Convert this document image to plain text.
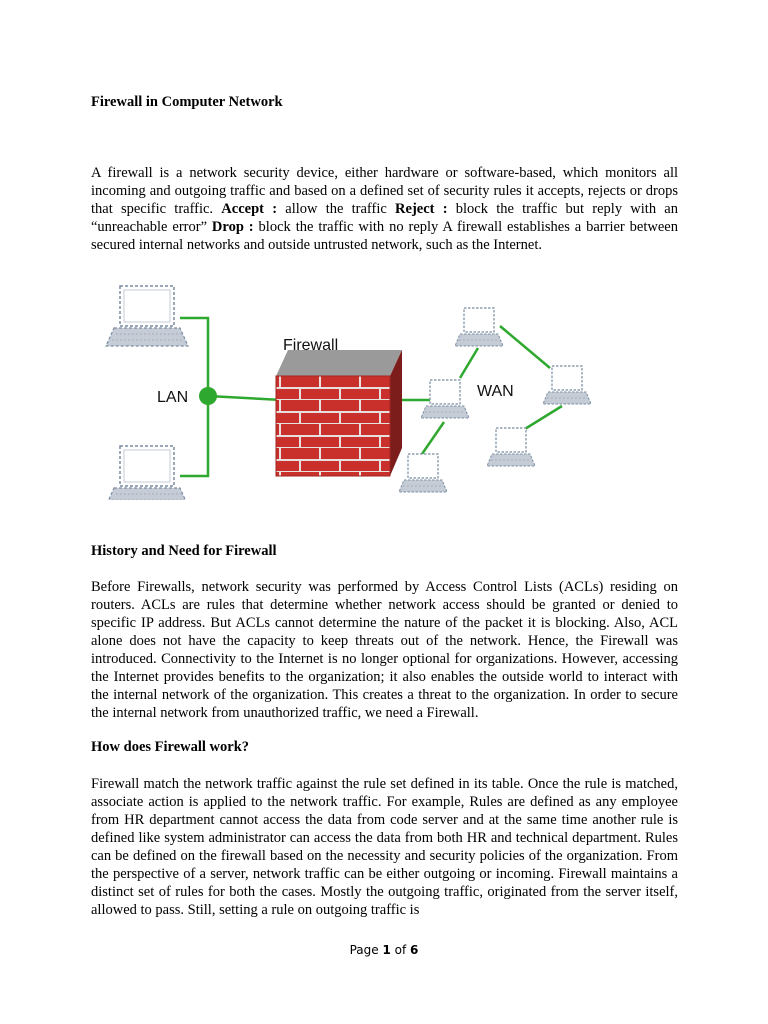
Firewall in Computer Network

A firewall is a network security device, either hardware or software-based, which monitors all incoming and outgoing traffic and based on a defined set of security rules it accepts, rejects or drops that specific traffic. Accept : allow the traffic Reject : block the traffic but reply with an “unreachable error” Drop : block the traffic with no reply A firewall establishes a barrier between secured internal networks and outside untrusted network, such as the Internet.

Firewall
LAN	WAN
History and Need for Firewall

Before Firewalls, network security was performed by Access Control Lists (ACLs) residing on routers. ACLs are rules that determine whether network access should be granted or denied to specific IP address. But ACLs cannot determine the nature of the packet it is blocking. Also, ACL alone does not have the capacity to keep threats out of the network. Hence, the Firewall was introduced. Connectivity to the Internet is no longer optional for organizations. However, accessing the Internet provides benefits to the organization; it also enables the outside world to interact with the internal network of the organization. This creates a threat to the organization. In order to secure the internal network from unauthorized traffic, we need a Firewall.

How does Firewall work?

Firewall match the network traffic against the rule set defined in its table. Once the rule is matched, associate action is applied to the network traffic. For example, Rules are defined as any employee from HR department cannot access the data from code server and at the same time another rule is defined like system administrator can access the data from both HR and technical department. Rules can be defined on the firewall based on the necessity and security policies of the organization. From the perspective of a server, network traffic can be either outgoing or incoming. Firewall maintains a distinct set of rules for both the cases. Mostly the outgoing traffic, originated from the server itself, allowed to pass. Still, setting a rule on outgoing traffic is

Page 1 of 6
